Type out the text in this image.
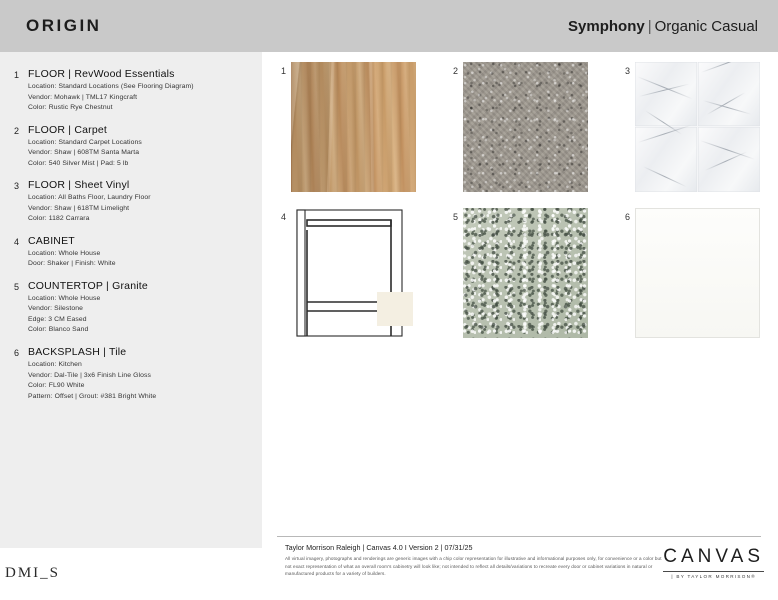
ORIGIN	Symphony | Organic Casual
1 FLOOR | RevWood Essentials
Location: Standard Locations (See Flooring Diagram)
Vendor: Mohawk | TML17 Kingcraft
Color: Rustic Rye Chestnut
2 FLOOR | Carpet
Location: Standard Carpet Locations
Vendor: Shaw | 608TM Santa Marta
Color: 540 Silver Mist | Pad: 5 lb
3 FLOOR | Sheet Vinyl
Location: All Baths Floor, Laundry Floor
Vendor: Shaw | 618TM Limelight
Color: 1182 Carrara
4 CABINET
Location: Whole House
Door: Shaker | Finish: White
5 COUNTERTOP | Granite
Location: Whole House
Vendor: Silestone
Edge: 3 CM Eased
Color: Blanco Sand
6 BACKSPLASH | Tile
Location: Kitchen
Vendor: Dal-Tile | 3x6 Finish Line Gloss
Color: FL90 White
Pattern: Offset | Grout: #381 Bright White
DMI_S
1	2	3
4	5	6
Taylor Morrison Raleigh | Canvas 4.0 I Version 2 | 07/31/25
All virtual imagery, photographs and renderings are generic images with a chip color representation for illustrative and informational purposes only, for convenience or a color but not exact representation of what an overall room's cabinetry will look like; not intended to reflect all details/variations to recreate every door or cabinet variations in natural or manufactured products for a variety of builders.
CANVAS
| BY TAYLOR MORRISON®
